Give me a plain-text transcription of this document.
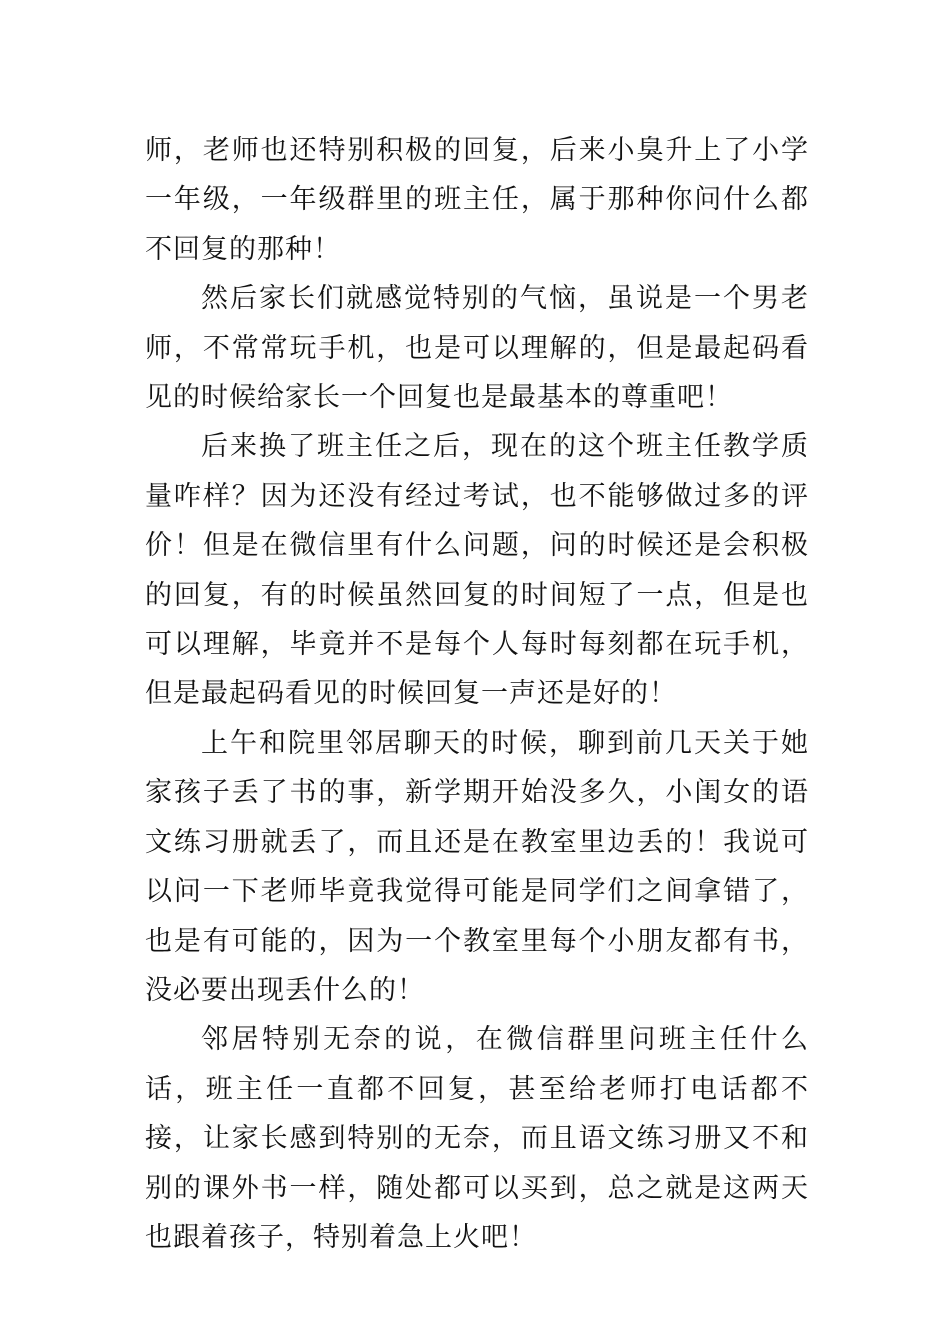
师，老师也还特别积极的回复，后来小臭升上了小学一年级，一年级群里的班主任，属于那种你问什么都不回复的那种！

然后家长们就感觉特别的气恼，虽说是一个男老师，不常常玩手机，也是可以理解的，但是最起码看见的时候给家长一个回复也是最基本的尊重吧！

后来换了班主任之后，现在的这个班主任教学质量咋样？因为还没有经过考试，也不能够做过多的评价！但是在微信里有什么问题，问的时候还是会积极的回复，有的时候虽然回复的时间短了一点，但是也可以理解，毕竟并不是每个人每时每刻都在玩手机，但是最起码看见的时候回复一声还是好的！

上午和院里邻居聊天的时候，聊到前几天关于她家孩子丢了书的事，新学期开始没多久，小闺女的语文练习册就丢了，而且还是在教室里边丢的！我说可以问一下老师毕竟我觉得可能是同学们之间拿错了，也是有可能的，因为一个教室里每个小朋友都有书，没必要出现丢什么的！

邻居特别无奈的说，在微信群里问班主任什么话，班主任一直都不回复，甚至给老师打电话都不接，让家长感到特别的无奈，而且语文练习册又不和别的课外书一样，随处都可以买到，总之就是这两天也跟着孩子，特别着急上火吧！
